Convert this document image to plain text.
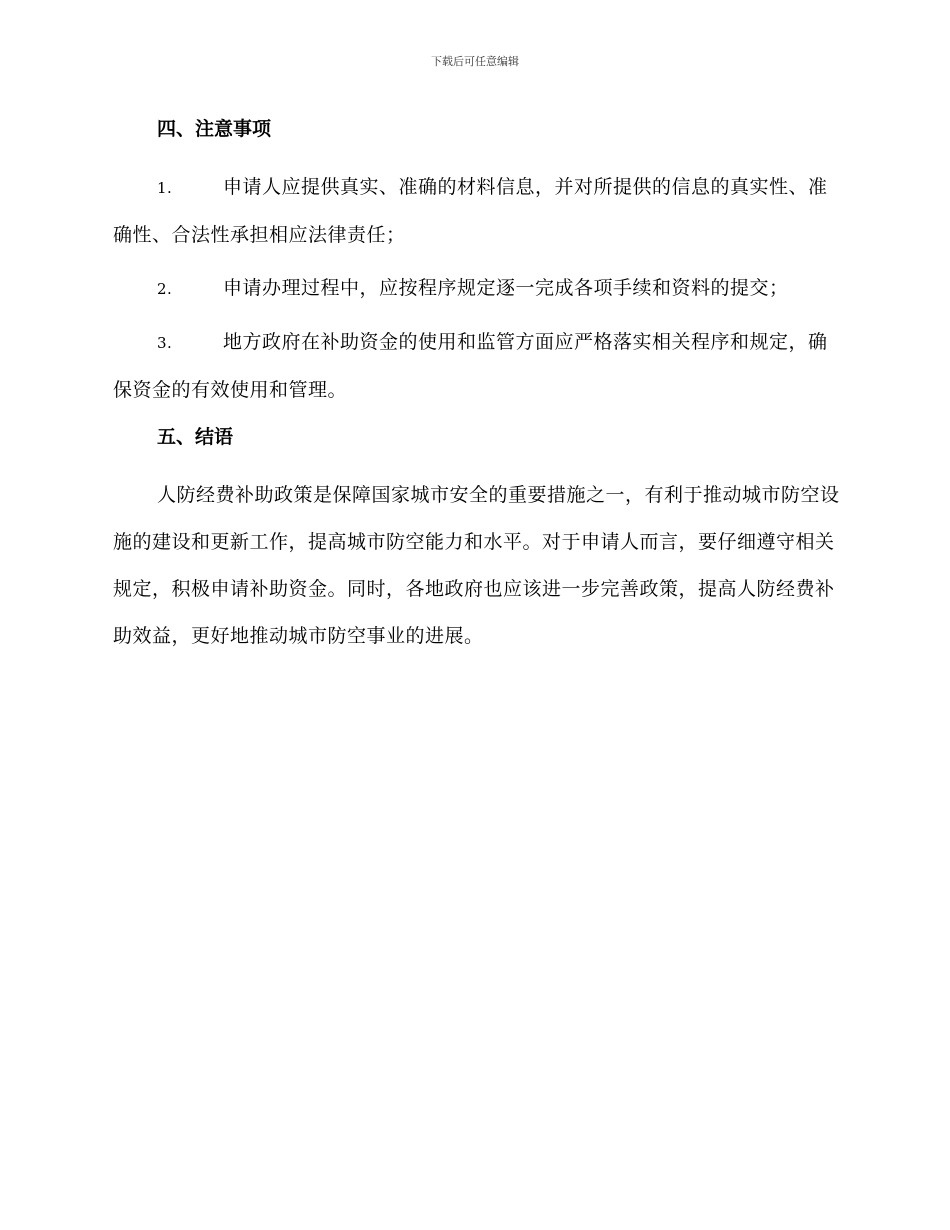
下载后可任意编辑
四、注意事项

1.	申请人应提供真实、准确的材料信息，并对所提供的信息的真实性、准确性、合法性承担相应法律责任；

2.	申请办理过程中，应按程序规定逐一完成各项手续和资料的提交；

3.	地方政府在补助资金的使用和监管方面应严格落实相关程序和规定，确保资金的有效使用和管理。

五、结语

人防经费补助政策是保障国家城市安全的重要措施之一，有利于推动城市防空设施的建设和更新工作，提高城市防空能力和水平。对于申请人而言，要仔细遵守相关规定，积极申请补助资金。同时，各地政府也应该进一步完善政策，提高人防经费补助效益，更好地推动城市防空事业的进展。
